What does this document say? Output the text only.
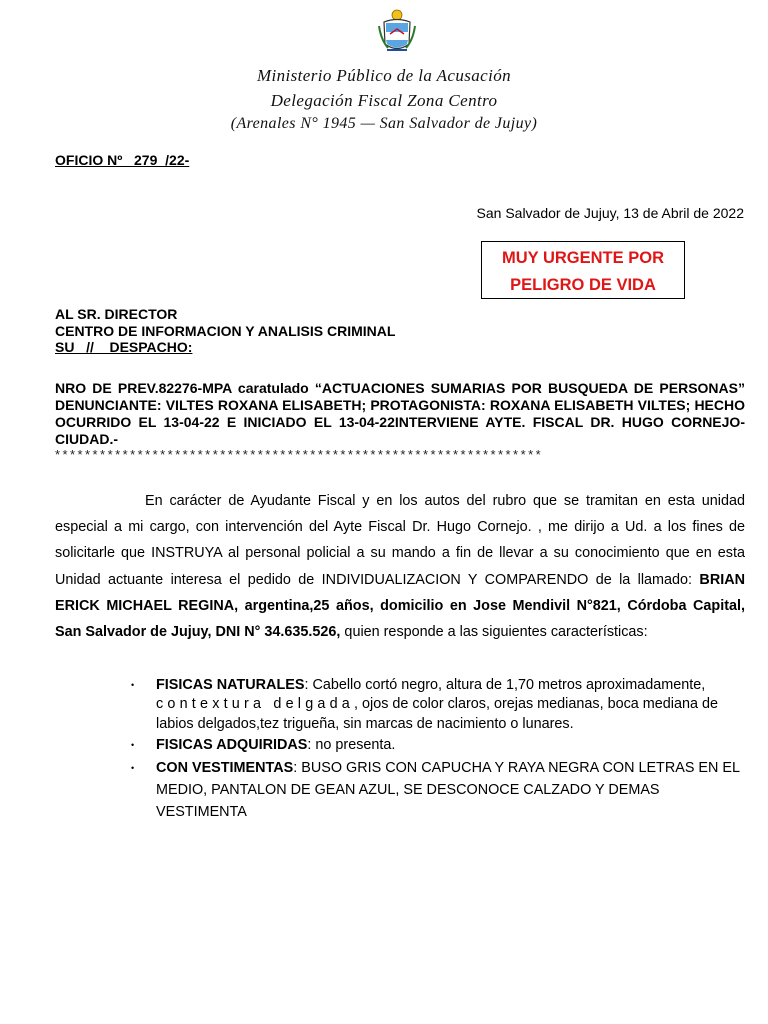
Ministerio Público de la Acusación
Delegación Fiscal Zona Centro
(Arenales N° 1945 — San Salvador de Jujuy)
OFICIO Nº   279  /22-
San Salvador de Jujuy, 13 de Abril de 2022
MUY URGENTE POR
PELIGRO DE VIDA
AL SR. DIRECTOR
CENTRO DE INFORMACION Y ANALISIS CRIMINAL
SU   //    DESPACHO:
NRO DE PREV.82276-MPA caratulado “ACTUACIONES SUMARIAS POR BUSQUEDA DE PERSONAS” DENUNCIANTE: VILTES ROXANA ELISABETH; PROTAGONISTA: ROXANA ELISABETH VILTES; HECHO OCURRIDO EL 13-04-22 E INICIADO EL 13-04-22INTERVIENE AYTE. FISCAL DR. HUGO CORNEJO-CIUDAD.-
*****************************************************************
En carácter de Ayudante Fiscal y en los autos del rubro que se tramitan en esta unidad especial a mi cargo, con intervención del Ayte Fiscal Dr. Hugo Cornejo. , me dirijo a Ud. a los fines de solicitarle que INSTRUYA al personal policial a su mando a fin de llevar a su conocimiento que en esta Unidad actuante interesa el pedido de INDIVIDUALIZACION Y COMPARENDO de la llamado: BRIAN ERICK MICHAEL REGINA, argentina,25 años, domicilio en Jose Mendivil N°821, Córdoba Capital, San Salvador de Jujuy, DNI N° 34.635.526, quien responde a las siguientes características:
• FISICAS NATURALES: Cabello cortó negro, altura de 1,70 metros aproximadamente, contextura delgada, ojos de color claros, orejas medianas, boca mediana de labios delgados,tez trigueña, sin marcas de nacimiento o lunares.
• FISICAS ADQUIRIDAS: no presenta.
• CON VESTIMENTAS: BUSO GRIS CON CAPUCHA Y RAYA NEGRA CON LETRAS EN EL MEDIO, PANTALON DE GEAN AZUL, SE DESCONOCE CALZADO Y DEMAS VESTIMENTA
